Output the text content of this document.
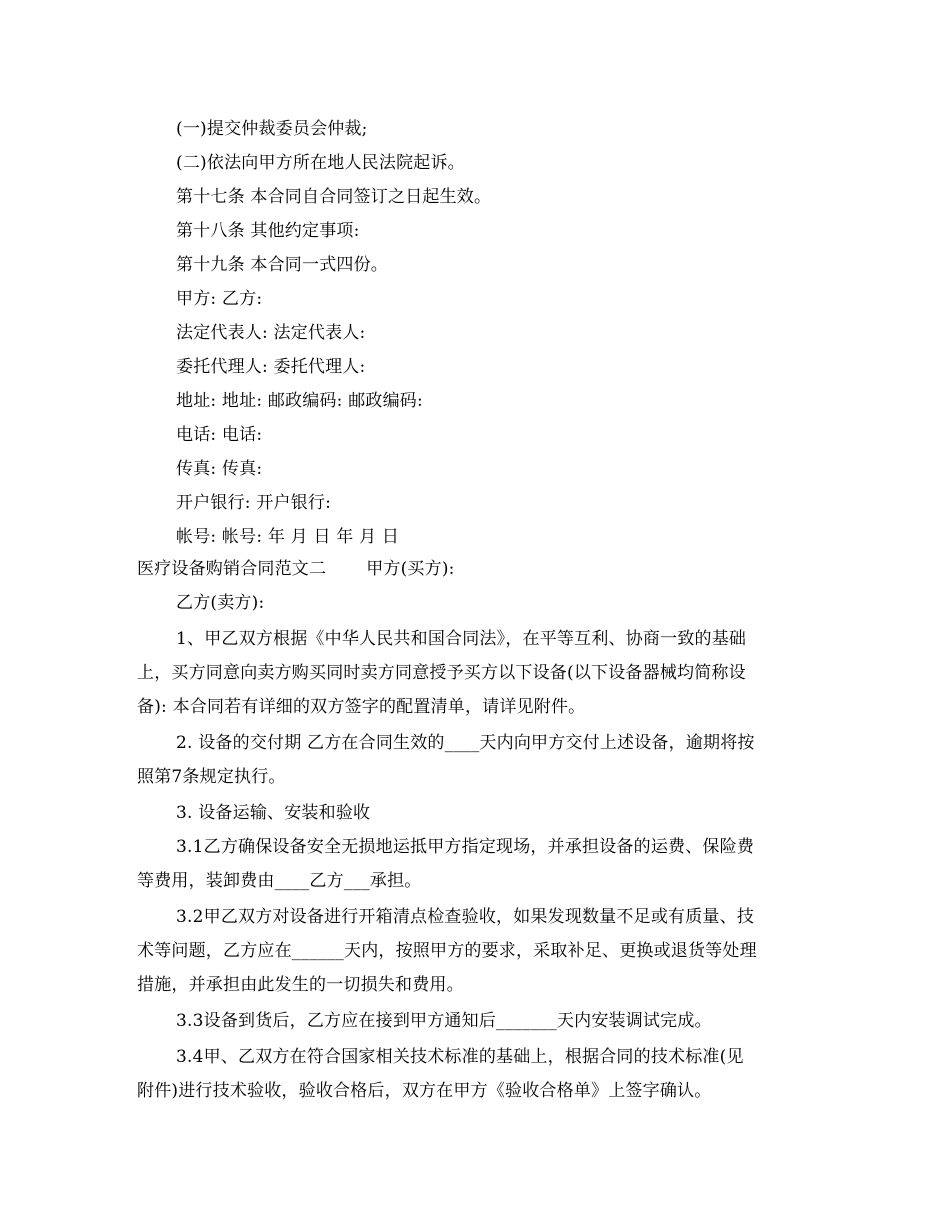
(一)提交仲裁委员会仲裁;
(二)依法向甲方所在地人民法院起诉。
第十七条 本合同自合同签订之日起生效。
第十八条 其他约定事项:
第十九条 本合同一式四份。
甲方: 乙方:
法定代表人: 法定代表人:
委托代理人: 委托代理人:
地址: 地址: 邮政编码: 邮政编码:
电话: 电话:
传真: 传真:
开户银行: 开户银行:
帐号: 帐号: 年 月 日 年 月 日
医疗设备购销合同范文二 甲方(买方):
乙方(卖方):
1、甲乙双方根据《中华人民共和国合同法》，在平等互利、协商一致的基础
上，买方同意向卖方购买同时卖方同意授予买方以下设备(以下设备器械均简称设
备): 本合同若有详细的双方签字的配置清单，请详见附件。
2. 设备的交付期 乙方在合同生效的____天内向甲方交付上述设备，逾期将按
照第7条规定执行。
3. 设备运输、安装和验收
3.1乙方确保设备安全无损地运抵甲方指定现场，并承担设备的运费、保险费
等费用，装卸费由____乙方___承担。
3.2甲乙双方对设备进行开箱清点检查验收，如果发现数量不足或有质量、技
术等问题，乙方应在______天内，按照甲方的要求，采取补足、更换或退货等处理
措施，并承担由此发生的一切损失和费用。
3.3设备到货后，乙方应在接到甲方通知后_______天内安装调试完成。
3.4甲、乙双方在符合国家相关技术标准的基础上，根据合同的技术标准(见
附件)进行技术验收，验收合格后，双方在甲方《验收合格单》上签字确认。
